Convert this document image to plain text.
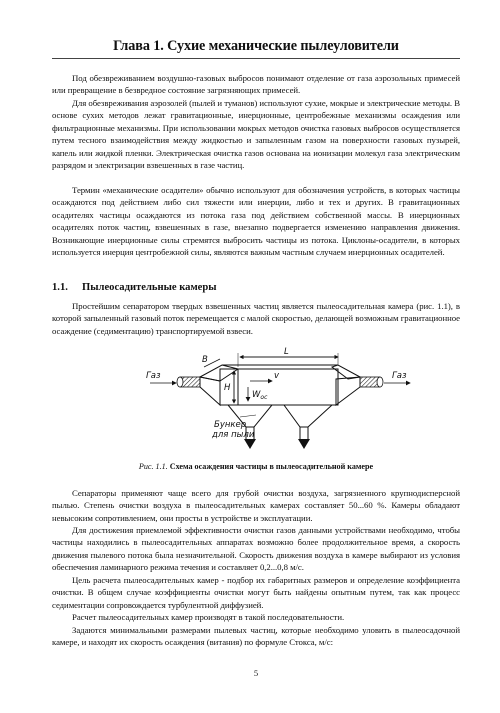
Глава 1. Сухие механические пылеуловители

Под обезвреживанием воздушно-газовых выбросов понимают отделение от газа аэрозольных примесей или превращение в безвредное состояние загрязняющих примесей.

Для обезвреживания аэрозолей (пылей и туманов) используют сухие, мокрые и электрические методы. В основе сухих методов лежат гравитационные, инерционные, центробежные механизмы осаждения или фильтрационные механизмы. При использовании мокрых методов очистка газовых выбросов осуществляется путем тесного взаимодействия между жидкостью и запыленным газом на поверхности газовых пузырей, капель или жидкой пленки. Электрическая очистка газов основана на ионизации молекул газа электрическим разрядом и электризации взвешенных в газе частиц.

Термин «механические осадители» обычно используют для обозначения устройств, в которых частицы осаждаются под действием либо сил тяжести или инерции, либо и тех и других. В гравитационных осадителях частицы осаждаются из потока газа под действием собственной массы. В инерционных осадителях поток частиц, взвешенных в газе, внезапно подвергается изменению направления движения. Возникающие инерционные силы стремятся выбросить частицы из потока. Циклоны-осадители, в которых используется инерция центробежной силы, являются важным частным случаем инерционных осадителей.

1.1. Пылеосадительные камеры

Простейшим сепаратором твердых взвешенных частиц является пылеосадительная камера (рис. 1.1), в которой запыленный газовый поток перемещается с малой скоростью, делающей возможным гравитационное осаждение (седиментацию) транспортируемой взвеси.

L
B
H
v
$W_{oc}$
Газ	Газ
Бункер
для пыли
Рис. 1.1. Схема осаждения частицы в пылеосадительной камере

Сепараторы применяют чаще всего для грубой очистки воздуха, загрязненного крупнодисперсной пылью. Степень очистки воздуха в пылеосадительных камерах составляет 50...60 %. Камеры обладают невысоким сопротивлением, они просты в устройстве и эксплуатации.

Для достижения приемлемой эффективности очистки газов данными устройствами необходимо, чтобы частицы находились в пылеосадительных аппаратах возможно более продолжительное время, а скорость движения пылевого потока была незначительной. Скорость движения воздуха в камере выбирают из условия обеспечения ламинарного режима течения и составляет 0,2...0,8 м/с.

Цель расчета пылеосадительных камер - подбор их габаритных размеров и определение коэффициента очистки. В общем случае коэффициенты очистки могут быть найдены опытным путем, так как процесс седиментации сопровождается турбулентной диффузией.

Расчет пылеосадительных камер производят в такой последовательности.

Задаются минимальными размерами пылевых частиц, которые необходимо уловить в пылеосадочной камере, и находят их скорость осаждения (витания) по формуле Стокса, м/с:

5
